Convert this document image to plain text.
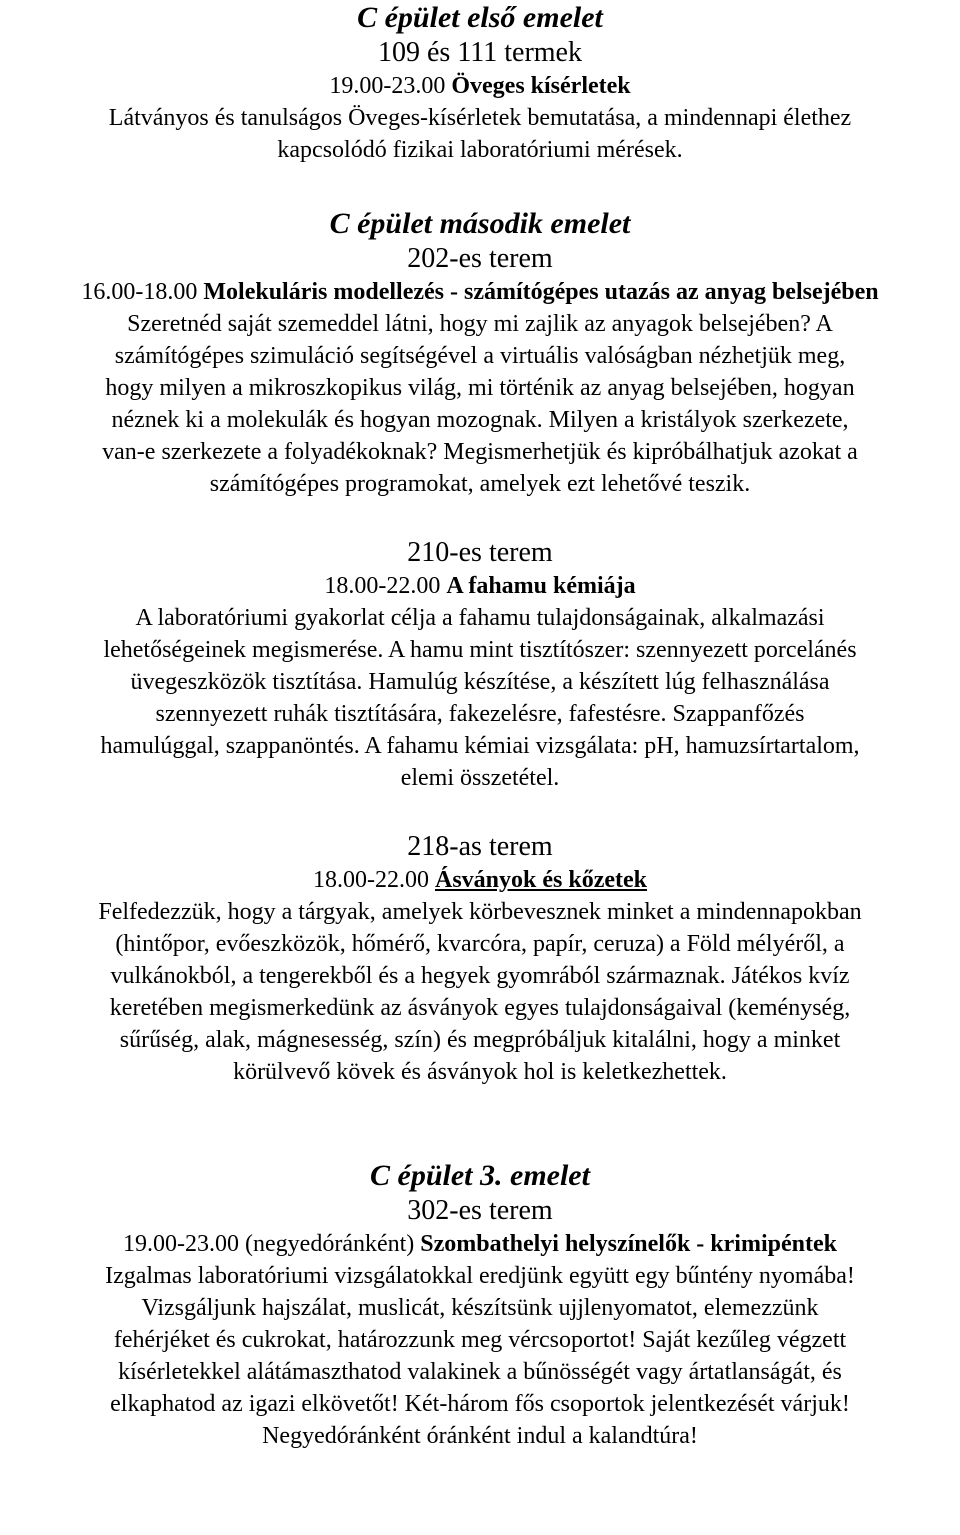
C épület első emelet
109 és 111 termek
19.00-23.00 Öveges kísérletek
Látványos és tanulságos Öveges-kísérletek bemutatása, a mindennapi élethez
kapcsolódó fizikai laboratóriumi mérések.
C épület második emelet
202-es terem
16.00-18.00 Molekuláris modellezés - számítógépes utazás az anyag belsejében
Szeretnéd saját szemeddel látni, hogy mi zajlik az anyagok belsejében? A
számítógépes szimuláció segítségével a virtuális valóságban nézhetjük meg,
hogy milyen a mikroszkopikus világ, mi történik az anyag belsejében, hogyan
néznek ki a molekulák és hogyan mozognak. Milyen a kristályok szerkezete,
van-e szerkezete a folyadékoknak? Megismerhetjük és kipróbálhatjuk azokat a
számítógépes programokat, amelyek ezt lehetővé teszik.
210-es terem
18.00-22.00 A fahamu kémiája
A laboratóriumi gyakorlat célja a fahamu tulajdonságainak, alkalmazási
lehetőségeinek megismerése. A hamu mint tisztítószer: szennyezett porcelánés
üvegeszközök tisztítása. Hamulúg készítése, a készített lúg felhasználása
szennyezett ruhák tisztítására, fakezelésre, fafestésre. Szappanfőzés
hamulúggal, szappanöntés. A fahamu kémiai vizsgálata: pH, hamuzsírtartalom,
elemi összetétel.
218-as terem
18.00-22.00 Ásványok és kőzetek
Felfedezzük, hogy a tárgyak, amelyek körbevesznek minket a mindennapokban
(hintőpor, evőeszközök, hőmérő, kvarcóra, papír, ceruza) a Föld mélyéről, a
vulkánokból, a tengerekből és a hegyek gyomrából származnak. Játékos kvíz
keretében megismerkedünk az ásványok egyes tulajdonságaival (keménység,
sűrűség, alak, mágnesesség, szín) és megpróbáljuk kitalálni, hogy a minket
körülvevő kövek és ásványok hol is keletkezhettek.
C épület 3. emelet
302-es terem
19.00-23.00 (negyedóránként) Szombathelyi helyszínelők - krimipéntek
Izgalmas laboratóriumi vizsgálatokkal eredjünk együtt egy bűntény nyomába!
Vizsgáljunk hajszálat, muslicát, készítsünk ujjlenyomatot, elemezzünk
fehérjéket és cukrokat, határozzunk meg vércsoportot! Saját kezűleg végzett
kísérletekkel alátámaszthatod valakinek a bűnösségét vagy ártatlanságát, és
elkaphatod az igazi elkövetőt! Két-három fős csoportok jelentkezését várjuk!
Negyedóránként óránként indul a kalandtúra!
